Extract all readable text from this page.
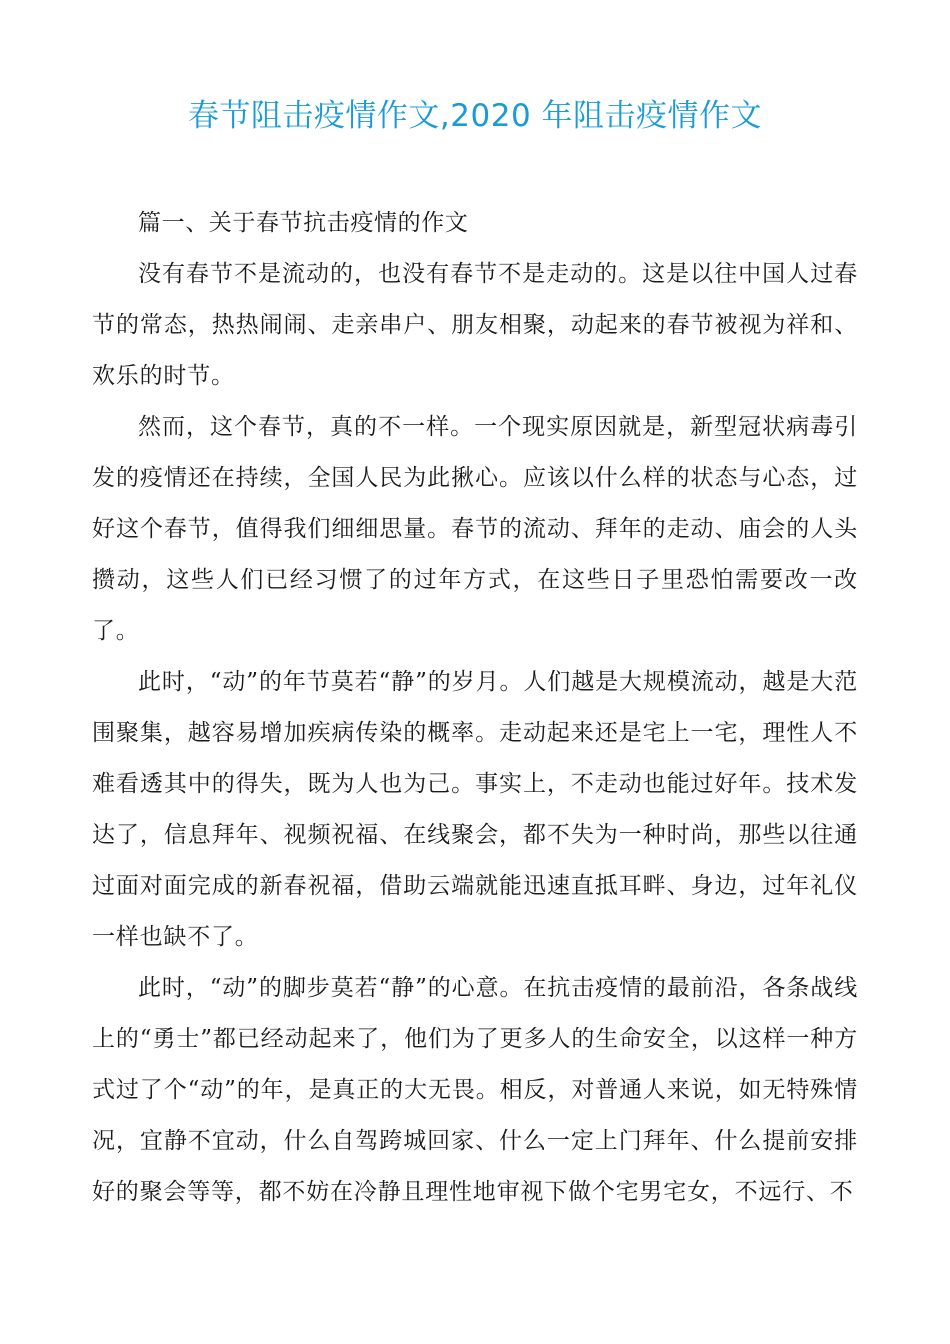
春节阻击疫情作文,2020 年阻击疫情作文

篇一、关于春节抗击疫情的作文

没有春节不是流动的，也没有春节不是走动的。这是以往中国人过春节的常态，热热闹闹、走亲串户、朋友相聚，动起来的春节被视为祥和、欢乐的时节。

然而，这个春节，真的不一样。一个现实原因就是，新型冠状病毒引发的疫情还在持续，全国人民为此揪心。应该以什么样的状态与心态，过好这个春节，值得我们细细思量。春节的流动、拜年的走动、庙会的人头攒动，这些人们已经习惯了的过年方式，在这些日子里恐怕需要改一改了。

此时，“动”的年节莫若“静”的岁月。人们越是大规模流动，越是大范围聚集，越容易增加疾病传染的概率。走动起来还是宅上一宅，理性人不难看透其中的得失，既为人也为己。事实上，不走动也能过好年。技术发达了，信息拜年、视频祝福、在线聚会，都不失为一种时尚，那些以往通过面对面完成的新春祝福，借助云端就能迅速直抵耳畔、身边，过年礼仪一样也缺不了。

此时，“动”的脚步莫若“静”的心意。在抗击疫情的最前沿，各条战线上的“勇士”都已经动起来了，他们为了更多人的生命安全，以这样一种方式过了个“动”的年，是真正的大无畏。相反，对普通人来说，如无特殊情况，宜静不宜动，什么自驾跨城回家、什么一定上门拜年、什么提前安排好的聚会等等，都不妨在冷静且理性地审视下做个宅男宅女，不远行、不
